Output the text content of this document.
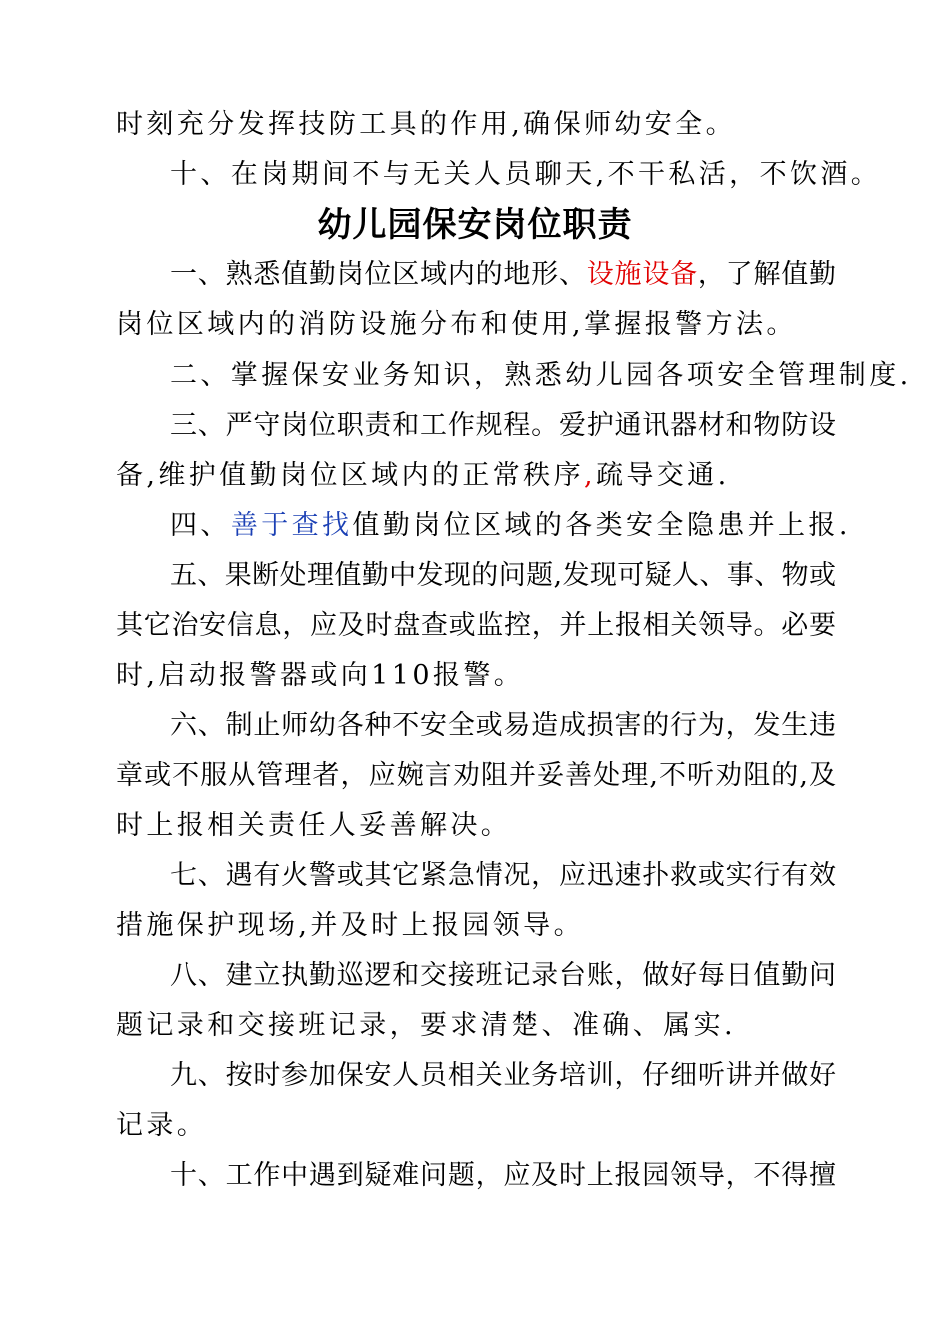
时刻充分发挥技防工具的作用,确保师幼安全。
十、在岗期间不与无关人员聊天,不干私活，不饮酒。
幼儿园保安岗位职责
一、熟悉值勤岗位区域内的地形、设施设备，了解值勤
岗位区域内的消防设施分布和使用,掌握报警方法。
二、掌握保安业务知识，熟悉幼儿园各项安全管理制度.
三、严守岗位职责和工作规程。爱护通讯器材和物防设
备,维护值勤岗位区域内的正常秩序,疏导交通.
四、善于查找值勤岗位区域的各类安全隐患并上报.
五、果断处理值勤中发现的问题,发现可疑人、事、物或
其它治安信息，应及时盘查或监控，并上报相关领导。必要
时,启动报警器或向110报警。
六、制止师幼各种不安全或易造成损害的行为，发生违
章或不服从管理者，应婉言劝阻并妥善处理,不听劝阻的,及
时上报相关责任人妥善解决。
七、遇有火警或其它紧急情况，应迅速扑救或实行有效
措施保护现场,并及时上报园领导。
八、建立执勤巡逻和交接班记录台账，做好每日值勤问
题记录和交接班记录，要求清楚、准确、属实.
九、按时参加保安人员相关业务培训，仔细听讲并做好
记录。
十、工作中遇到疑难问题，应及时上报园领导，不得擅
